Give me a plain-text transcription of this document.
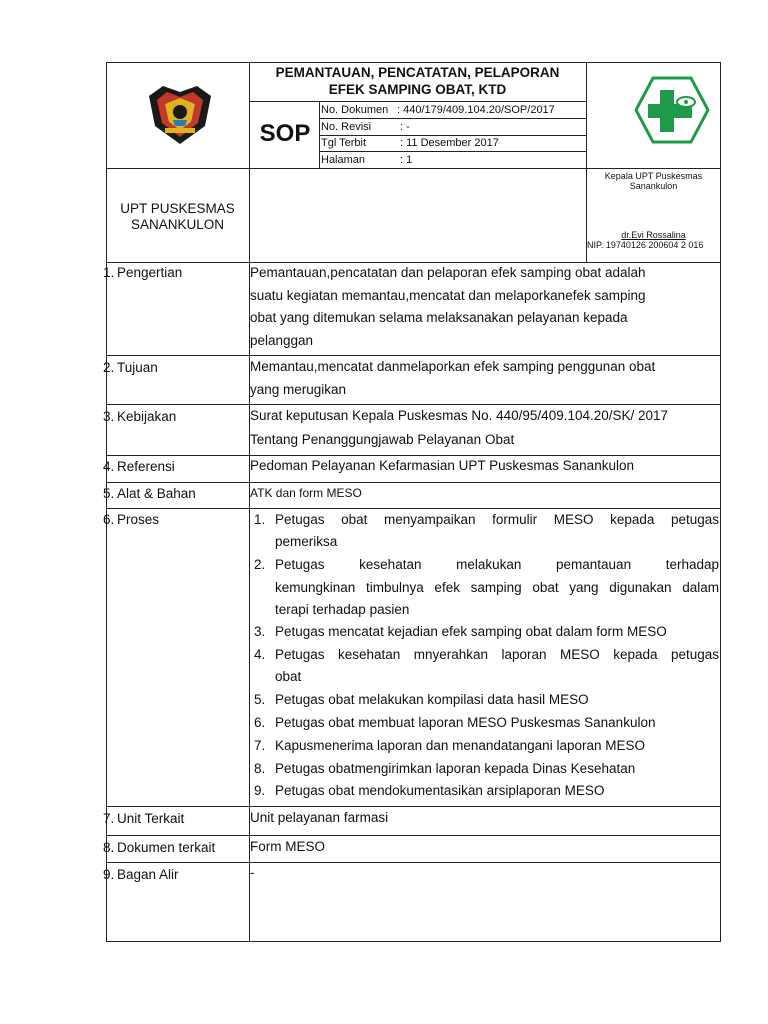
PEMANTAUAN, PENCATATAN, PELAPORAN
EFEK SAMPING OBAT, KTD
SOP
No. Dokumen : 440/179/409.104.20/SOP/2017
No. Revisi	: -
Tgl Terbit	: 11 Desember 2017
Halaman	: 1
UPT PUSKESMAS
SANANKULON
Kepala UPT Puskesmas
Sanankulon
dr.Evi Rossalina
NIP. 19740126 200604 2 016
1. Pengertian	Pemantauan,pencatatan dan pelaporan efek samping obat adalah
suatu kegiatan memantau,mencatat dan melaporkanefek samping
obat yang ditemukan selama melaksanakan pelayanan kepada
pelanggan
2. Tujuan	Memantau,mencatat danmelaporkan efek samping penggunan obat
yang merugikan
3. Kebijakan	Surat keputusan Kepala Puskesmas No. 440/95/409.104.20/SK/ 2017
Tentang Penanggungjawab Pelayanan Obat
4. Referensi	Pedoman Pelayanan Kefarmasian UPT Puskesmas Sanankulon
5. Alat & Bahan	ATK dan form MESO
6. Proses	1. Petugas obat menyampaikan formulir MESO kepada petugas
pemeriksa
2. Petugas kesehatan melakukan pemantauan terhadap
kemungkinan timbulnya efek samping obat yang digunakan dalam
terapi terhadap pasien
3. Petugas mencatat kejadian efek samping obat dalam form MESO
4. Petugas kesehatan mnyerahkan laporan MESO kepada petugas
obat
5. Petugas obat melakukan kompilasi data hasil MESO
6. Petugas obat membuat laporan MESO Puskesmas Sanankulon
7. Kapusmenerima laporan dan menandatangani laporan MESO
8. Petugas obatmengirimkan laporan kepada Dinas Kesehatan
9. Petugas obat mendokumentasikan arsiplaporan MESO
7. Unit Terkait	Unit pelayanan farmasi
8. Dokumen terkait	Form MESO
9. Bagan Alir	-
